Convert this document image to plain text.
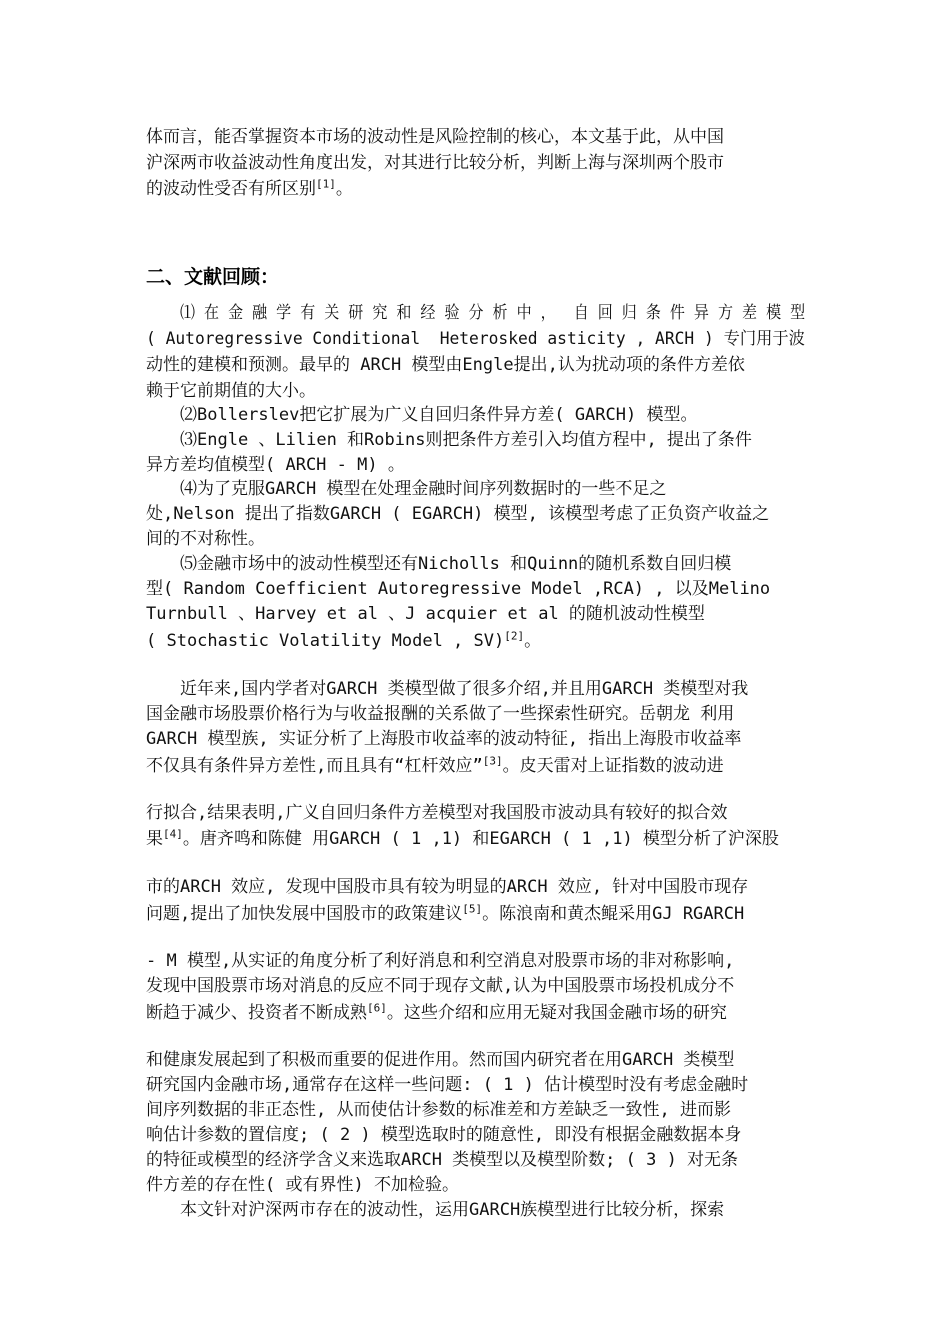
体而言，能否掌握资本市场的波动性是风险控制的核心，本文基于此，从中国
沪深两市收益波动性角度出发，对其进行比较分析，判断上海与深圳两个股市
的波动性受否有所区别[1]。
二、文献回顾：
⑴ 在 金 融 学 有 关 研 究 和 经 验 分 析 中 ，  自 回 归 条 件 异 方 差 模 型
( Autoregressive Conditional  Heterosked asticity , ARCH ) 专门用于波
动性的建模和预测。最早的 ARCH 模型由Engle提出,认为扰动项的条件方差依
赖于它前期值的大小。
⑵Bollerslev把它扩展为广义自回归条件异方差( GARCH) 模型。
⑶Engle 、Lilien 和Robins则把条件方差引入均值方程中, 提出了条件
异方差均值模型( ARCH - M) 。
⑷为了克服GARCH 模型在处理金融时间序列数据时的一些不足之
处,Nelson 提出了指数GARCH ( EGARCH) 模型, 该模型考虑了正负资产收益之
间的不对称性。
⑸金融市场中的波动性模型还有Nicholls 和Quinn的随机系数自回归模
型( Random Coefficient Autoregressive Model ,RCA) , 以及Melino
Turnbull 、Harvey et al 、J acquier et al 的随机波动性模型
( Stochastic Volatility Model , SV)[2]。
近年来,国内学者对GARCH 类模型做了很多介绍,并且用GARCH 类模型对我
国金融市场股票价格行为与收益报酬的关系做了一些探索性研究。岳朝龙 利用
GARCH 模型族, 实证分析了上海股市收益率的波动特征, 指出上海股市收益率
不仅具有条件异方差性,而且具有“杠杆效应”[3]。皮天雷对上证指数的波动进
行拟合,结果表明,广义自回归条件方差模型对我国股市波动具有较好的拟合效
果[4]。唐齐鸣和陈健 用GARCH ( 1 ,1) 和EGARCH ( 1 ,1) 模型分析了沪深股
市的ARCH 效应, 发现中国股市具有较为明显的ARCH 效应, 针对中国股市现存
问题,提出了加快发展中国股市的政策建议[5]。陈浪南和黄杰鲲采用GJ RGARCH
- M 模型,从实证的角度分析了利好消息和利空消息对股票市场的非对称影响,
发现中国股票市场对消息的反应不同于现存文献,认为中国股票市场投机成分不
断趋于减少、投资者不断成熟[6]。这些介绍和应用无疑对我国金融市场的研究
和健康发展起到了积极而重要的促进作用。然而国内研究者在用GARCH 类模型
研究国内金融市场,通常存在这样一些问题: ( 1 ) 估计模型时没有考虑金融时
间序列数据的非正态性, 从而使估计参数的标准差和方差缺乏一致性, 进而影
响估计参数的置信度; ( 2 ) 模型选取时的随意性, 即没有根据金融数据本身
的特征或模型的经济学含义来选取ARCH 类模型以及模型阶数; ( 3 ) 对无条
件方差的存在性( 或有界性) 不加检验。
本文针对沪深两市存在的波动性，运用GARCH族模型进行比较分析，探索
